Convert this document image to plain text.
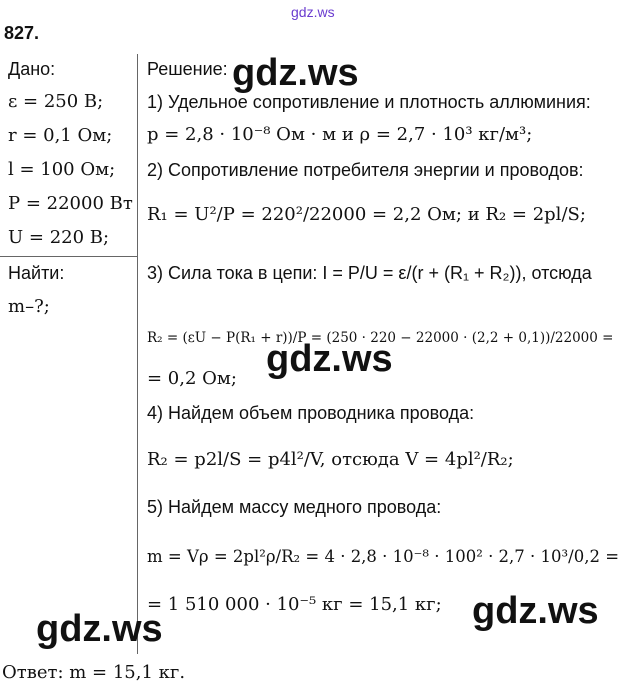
gdz.ws
827.
Дано:
ε = 250 В;
r = 0,1 Ом;
l = 100 Ом;
P = 22000 Вт
U = 220 В;
Найти:
m–?;
Решение:
1) Удельное сопротивление и плотность аллюминия:
p = 2,8 · 10⁻⁸ Ом · м и ρ = 2,7 · 10³ кг/м³;
2) Сопротивление потребителя энергии и проводов:
R₁ = U²/P = 220²/22000 = 2,2 Ом; и R₂ = 2pl/S;
3) Сила тока в цепи: I = P/U = ε/(r + (R₁ + R₂)), отсюда
R₂ = (εU − P(R₁ + r))/P = (250 · 220 − 22000 · (2,2 + 0,1))/22000 =
= 0,2 Ом;
4) Найдем объем проводника провода:
R₂ = p2l/S = p4l²/V, отсюда V = 4pl²/R₂;
5) Найдем массу медного провода:
m = Vρ = 2pl²ρ/R₂ = 4 · 2,8 · 10⁻⁸ · 100² · 2,7 · 10³/0,2 =
= 1 510 000 · 10⁻⁵ кг = 15,1 кг;
Ответ: m = 15,1 кг.
gdz.ws
gdz.ws
gdz.ws
gdz.ws
